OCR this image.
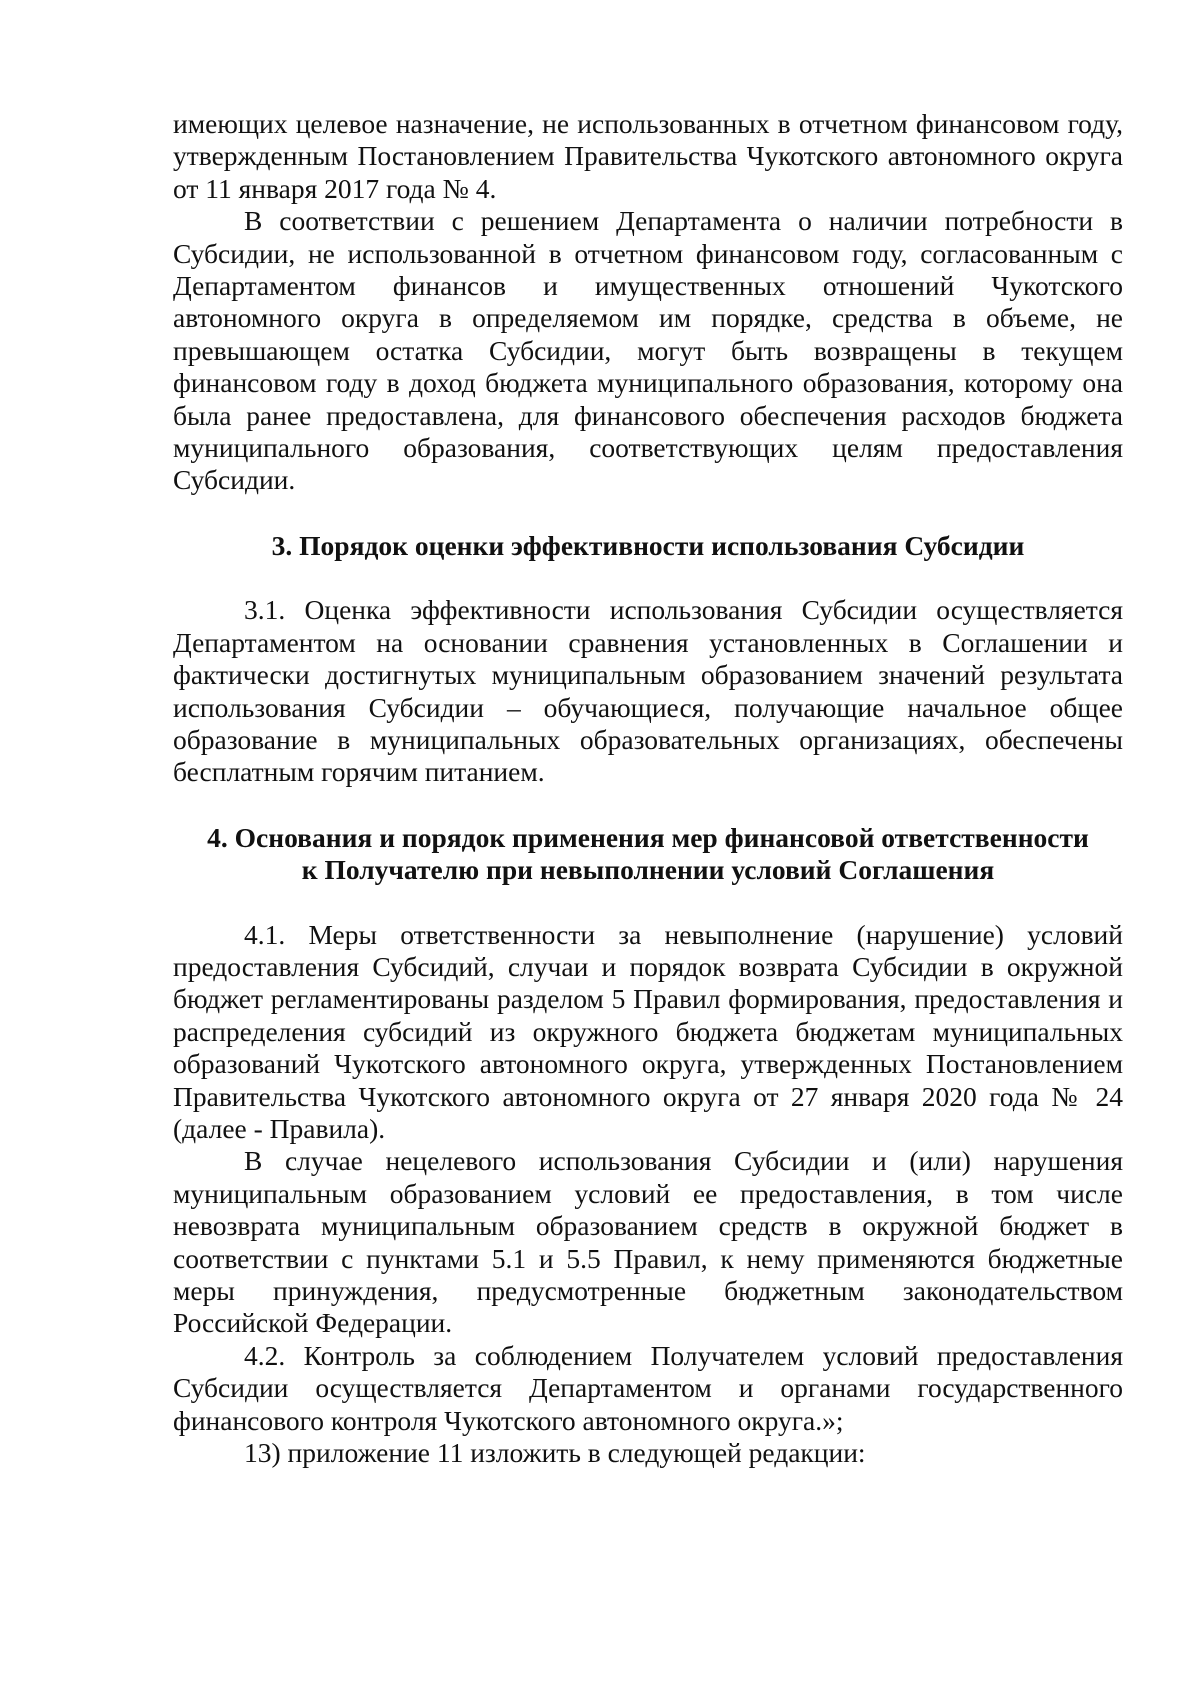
имеющих целевое назначение, не использованных в отчетном финансовом году, утвержденным Постановлением Правительства Чукотского автономного округа от 11 января 2017 года № 4.

В соответствии с решением Департамента о наличии потребности в Субсидии, не использованной в отчетном финансовом году, согласованным с Департаментом финансов и имущественных отношений Чукотского автономного округа в определяемом им порядке, средства в объеме, не превышающем остатка Субсидии, могут быть возвращены в текущем финансовом году в доход бюджета муниципального образования, которому она была ранее предоставлена, для финансового обеспечения расходов бюджета муниципального образования, соответствующих целям предоставления Субсидии.

3. Порядок оценки эффективности использования Субсидии

3.1. Оценка эффективности использования Субсидии осуществляется Департаментом на основании сравнения установленных в Соглашении и фактически достигнутых муниципальным образованием значений результата использования Субсидии – обучающиеся, получающие начальное общее образование в муниципальных образовательных организациях, обеспечены бесплатным горячим питанием.

4. Основания и порядок применения мер финансовой ответственности
к Получателю при невыполнении условий Соглашения

4.1. Меры ответственности за невыполнение (нарушение) условий предоставления Субсидий, случаи и порядок возврата Субсидии в окружной бюджет регламентированы разделом 5 Правил формирования, предоставления и распределения субсидий из окружного бюджета бюджетам муниципальных образований Чукотского автономного округа, утвержденных Постановлением Правительства Чукотского автономного округа от 27 января 2020 года № 24 (далее - Правила).

В случае нецелевого использования Субсидии и (или) нарушения муниципальным образованием условий ее предоставления, в том числе невозврата муниципальным образованием средств в окружной бюджет в соответствии с пунктами 5.1 и 5.5 Правил, к нему применяются бюджетные меры принуждения, предусмотренные бюджетным законодательством Российской Федерации.

4.2. Контроль за соблюдением Получателем условий предоставления Субсидии осуществляется Департаментом и органами государственного финансового контроля Чукотского автономного округа.»;

13) приложение 11 изложить в следующей редакции:
